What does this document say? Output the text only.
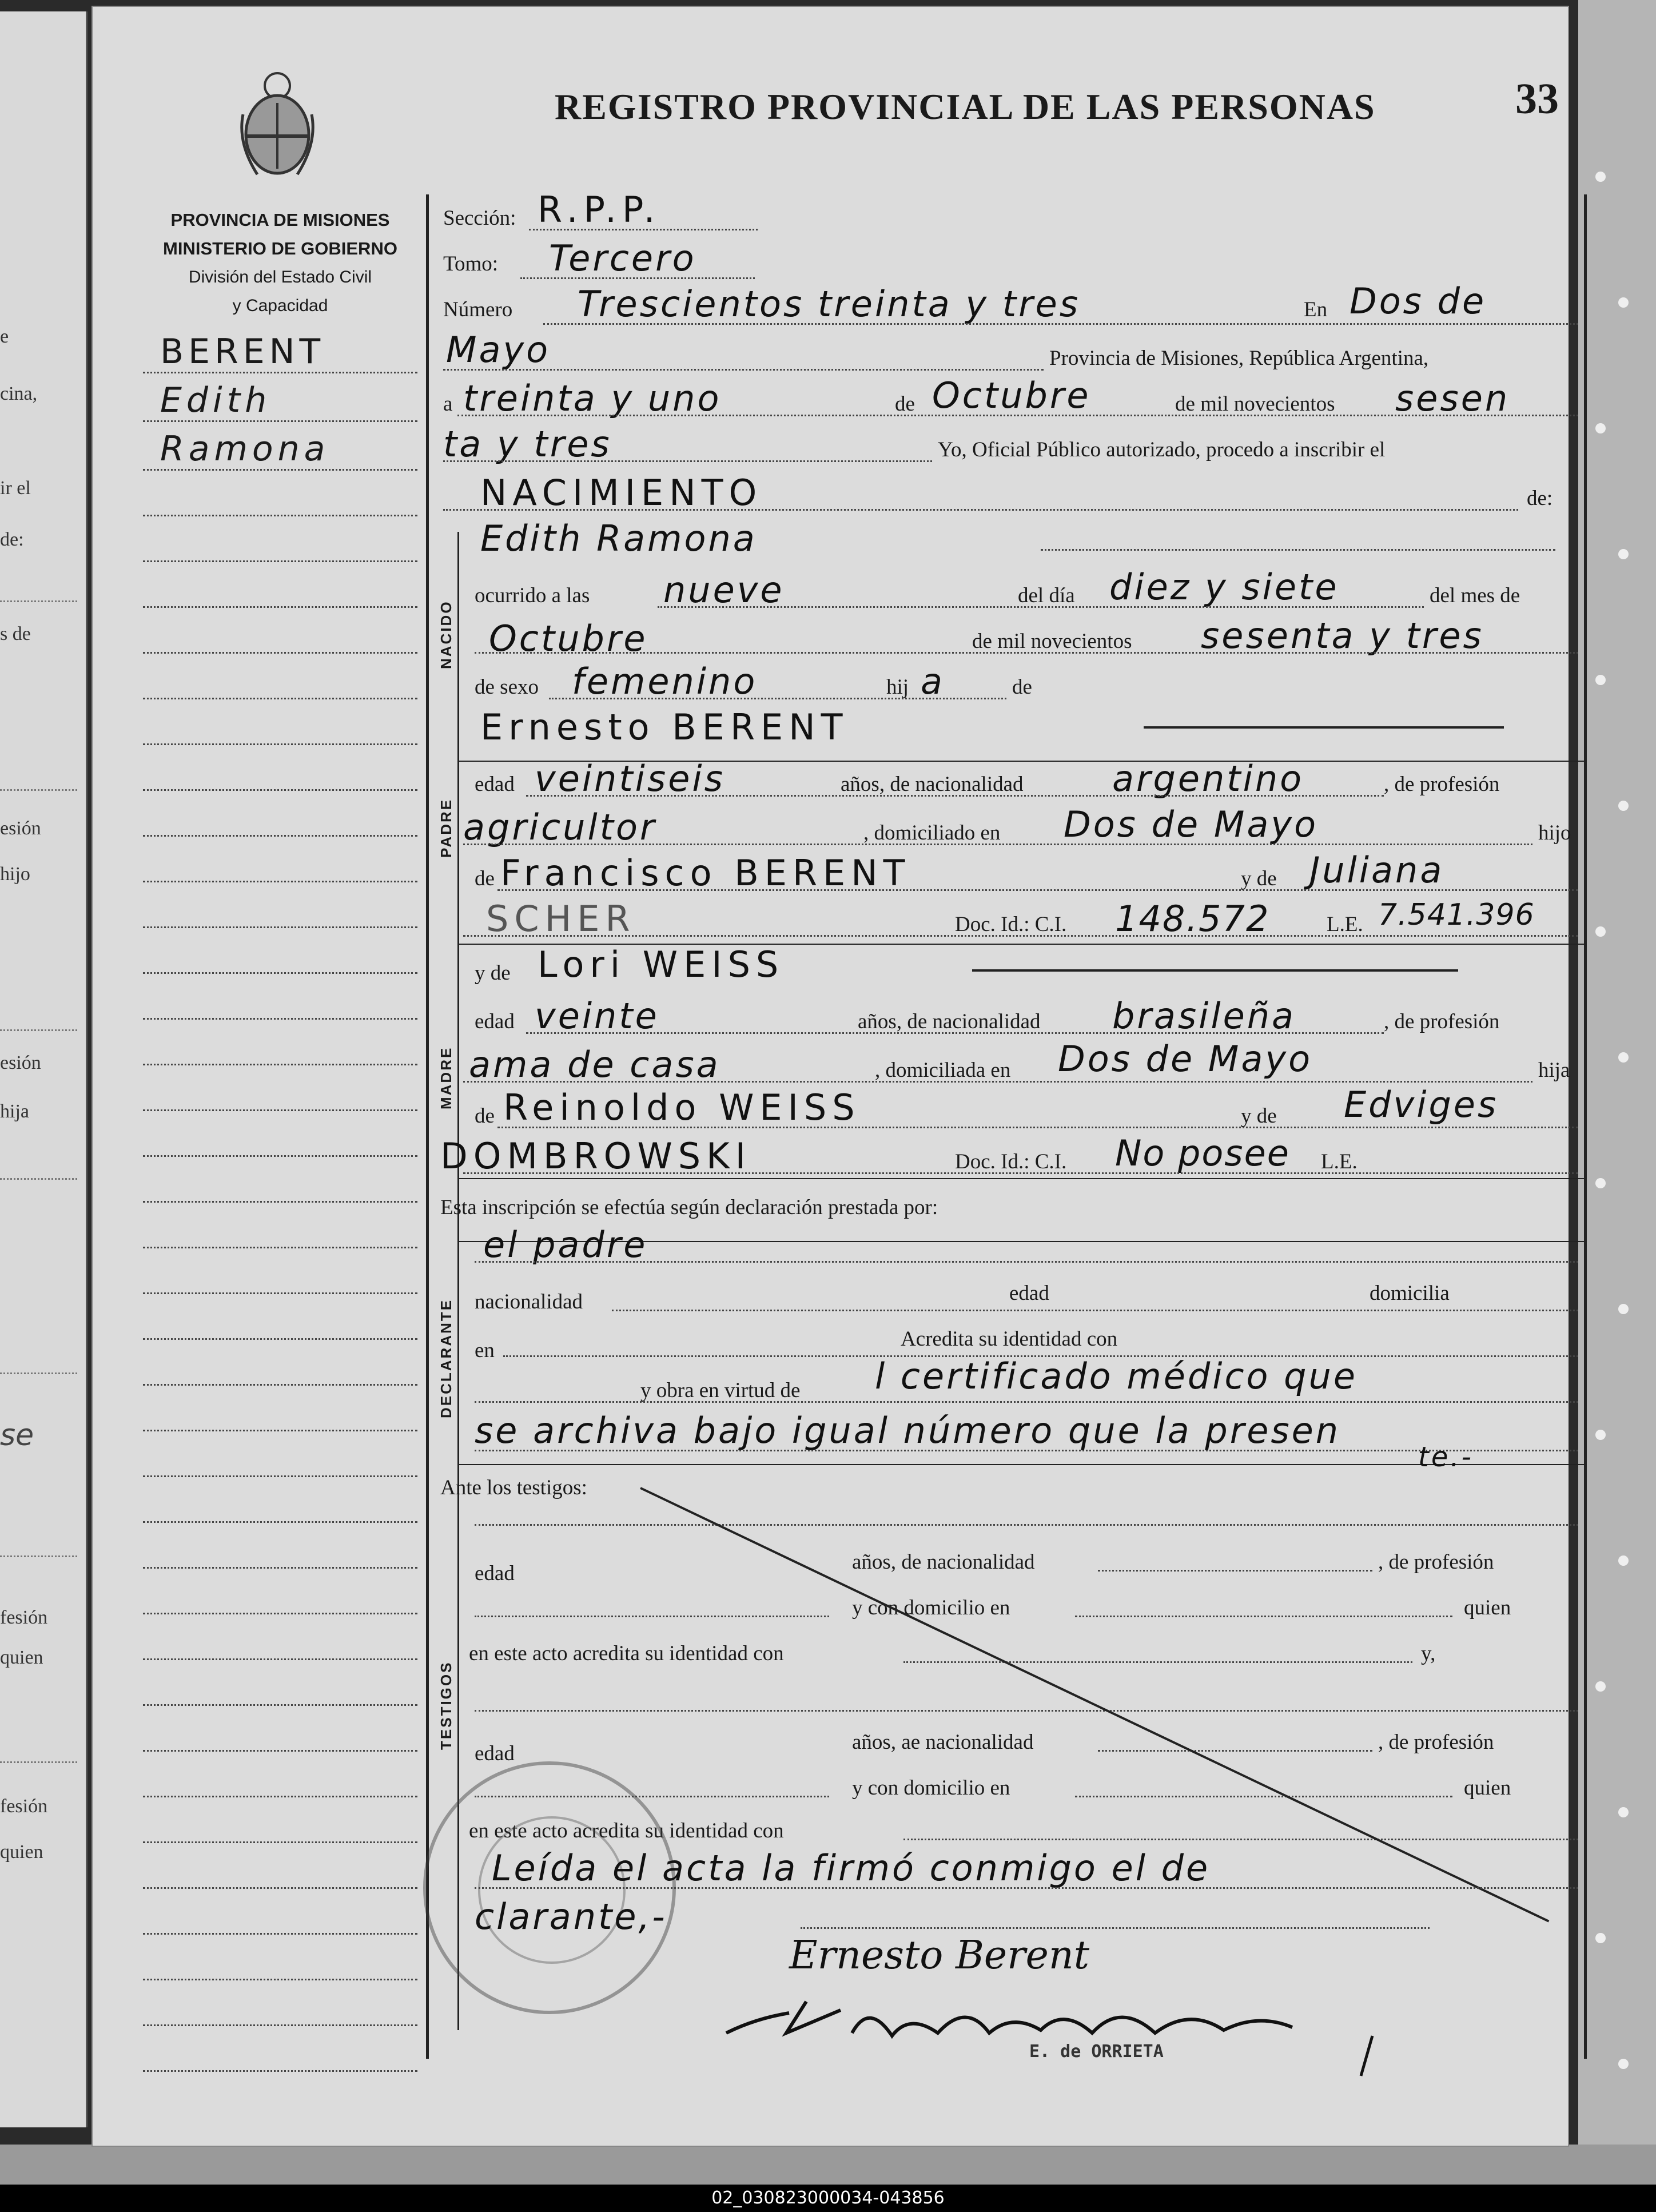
e
cina,
ir el
de:
s de
esión
hijo
esión
hija
se
fesión
quien
fesión
quien
PROVINCIA DE MISIONES
MINISTERIO DE GOBIERNO
División del Estado Civil
y Capacidad
REGISTRO PROVINCIAL DE LAS PERSONAS	33
BERENT
Edith
Ramona
Sección: R.P.P.
Tomo: Tercero
Número Trescientos treinta y tres	En Dos de
Mayo	Provincia de Misiones, República Argentina,
a treinta y uno	de Octubre	de mil novecientos sesen
ta y tres	Yo, Oficial Público autorizado, procedo a inscribir el
NACIMIENTO	de:
NACIDO
Edith Ramona
ocurrido a las nueve	del día diez y siete	del mes de
Octubre	de mil novecientos sesenta y tres
de sexo femenino	hij a	de
PADRE
Ernesto BERENT
edad veintiseis	años, de nacionalidad	argentino	, de profesión
agricultor	, domiciliado en Dos de Mayo	hijo
de Francisco BERENT	y de Juliana
SCHER	Doc. Id.: C.I. 148.572	L.E. 7.541.396
MADRE
y de Lori WEISS
edad veinte	años, de nacionalidad brasileña	, de profesión
ama de casa	, domiciliada en Dos de Mayo	hija
de Reinoldo WEISS	y de Edviges
DOMBROWSKI	Doc. Id.: C.I. No posee L.E.
Esta inscripción se efectúa según declaración prestada por:
DECLARANTE
el padre
nacionalidad	edad	domicilia
en	Acredita su identidad con
y obra en virtud de l certificado médico que
se archiva bajo igual número que la presen
te.-
Ante los testigos:
TESTIGOS
edad	años, de nacionalidad	, de profesión
y con domicilio en	quien
en este acto acredita su identidad con	y,
edad	años, ae nacionalidad	, de profesión
y con domicilio en	quien
en este acto acredita su identidad con
Leída el acta la firmó conmigo el de
clarante,-
Ernesto Berent
E. de ORRIETA
02_030823000034-043856
